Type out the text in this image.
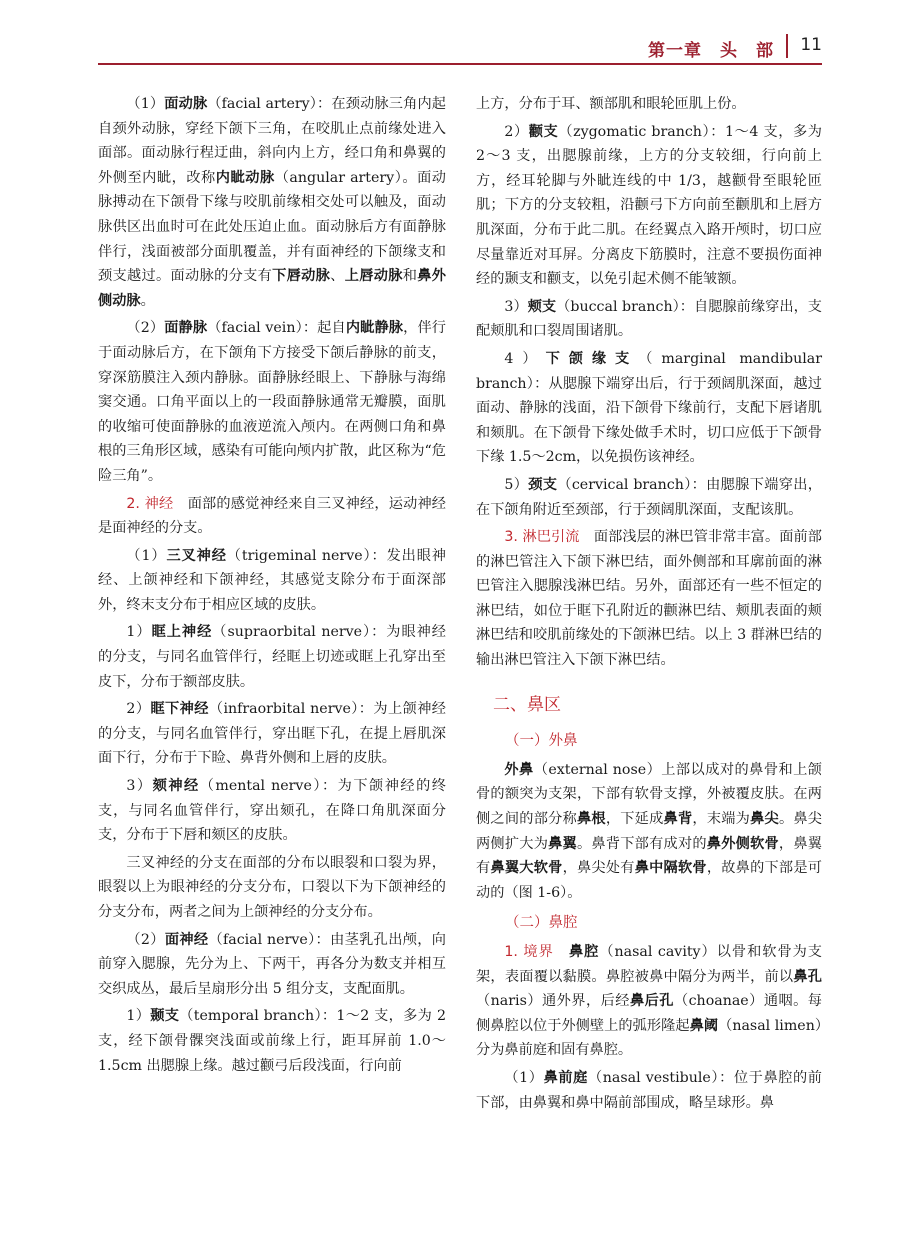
第一章　头　部 11

（1）面动脉（facial artery）：在颈动脉三角内起自颈外动脉，穿经下颌下三角，在咬肌止点前缘处进入面部。面动脉行程迂曲，斜向内上方，经口角和鼻翼的外侧至内眦，改称内眦动脉（angular artery）。面动脉搏动在下颌骨下缘与咬肌前缘相交处可以触及，面动脉供区出血时可在此处压迫止血。面动脉后方有面静脉伴行，浅面被部分面肌覆盖，并有面神经的下颌缘支和颈支越过。面动脉的分支有下唇动脉、上唇动脉和鼻外侧动脉。

（2）面静脉（facial vein）：起自内眦静脉，伴行于面动脉后方，在下颌角下方接受下颌后静脉的前支，穿深筋膜注入颈内静脉。面静脉经眼上、下静脉与海绵窦交通。口角平面以上的一段面静脉通常无瓣膜，面肌的收缩可使面静脉的血液逆流入颅内。在两侧口角和鼻根的三角形区域，感染有可能向颅内扩散，此区称为“危险三角”。

2. 神经　面部的感觉神经来自三叉神经，运动神经是面神经的分支。

（1）三叉神经（trigeminal nerve）：发出眼神经、上颌神经和下颌神经，其感觉支除分布于面深部外，终末支分布于相应区域的皮肤。

1）眶上神经（supraorbital nerve）：为眼神经的分支，与同名血管伴行，经眶上切迹或眶上孔穿出至皮下，分布于额部皮肤。

2）眶下神经（infraorbital nerve）：为上颌神经的分支，与同名血管伴行，穿出眶下孔，在提上唇肌深面下行，分布于下睑、鼻背外侧和上唇的皮肤。

3）颏神经（mental nerve）：为下颌神经的终支，与同名血管伴行，穿出颏孔，在降口角肌深面分支，分布于下唇和颏区的皮肤。

三叉神经的分支在面部的分布以眼裂和口裂为界，眼裂以上为眼神经的分支分布，口裂以下为下颌神经的分支分布，两者之间为上颌神经的分支分布。

（2）面神经（facial nerve）：由茎乳孔出颅，向前穿入腮腺，先分为上、下两干，再各分为数支并相互交织成丛，最后呈扇形分出 5 组分支，支配面肌。

1）颞支（temporal branch）：1～2 支，多为 2 支，经下颌骨髁突浅面或前缘上行，距耳屏前 1.0～1.5cm 出腮腺上缘。越过颧弓后段浅面，行向前

上方，分布于耳、额部肌和眼轮匝肌上份。

2）颧支（zygomatic branch）：1～4 支，多为 2～3 支，出腮腺前缘，上方的分支较细，行向前上方，经耳轮脚与外眦连线的中 1/3，越颧骨至眼轮匝肌；下方的分支较粗，沿颧弓下方向前至颧肌和上唇方肌深面，分布于此二肌。在经翼点入路开颅时，切口应尽量靠近对耳屏。分离皮下筋膜时，注意不要损伤面神经的颞支和颧支，以免引起术侧不能皱额。

3）颊支（buccal branch）：自腮腺前缘穿出，支配颊肌和口裂周围诸肌。

4）下颌缘支（marginal mandibular branch）：从腮腺下端穿出后，行于颈阔肌深面，越过面动、静脉的浅面，沿下颌骨下缘前行，支配下唇诸肌和颏肌。在下颌骨下缘处做手术时，切口应低于下颌骨下缘 1.5～2cm，以免损伤该神经。

5）颈支（cervical branch）：由腮腺下端穿出，在下颌角附近至颈部，行于颈阔肌深面，支配该肌。

3. 淋巴引流　面部浅层的淋巴管非常丰富。面前部的淋巴管注入下颌下淋巴结，面外侧部和耳廓前面的淋巴管注入腮腺浅淋巴结。另外，面部还有一些不恒定的淋巴结，如位于眶下孔附近的颧淋巴结、颊肌表面的颊淋巴结和咬肌前缘处的下颌淋巴结。以上 3 群淋巴结的输出淋巴管注入下颌下淋巴结。

二、鼻区
（一）外鼻

外鼻（external nose）上部以成对的鼻骨和上颌骨的额突为支架，下部有软骨支撑，外被覆皮肤。在两侧之间的部分称鼻根，下延成鼻背，末端为鼻尖。鼻尖两侧扩大为鼻翼。鼻背下部有成对的鼻外侧软骨，鼻翼有鼻翼大软骨，鼻尖处有鼻中隔软骨，故鼻的下部是可动的（图 1-6）。

（二）鼻腔

1. 境界　 鼻腔（nasal cavity）以骨和软骨为支架，表面覆以黏膜。鼻腔被鼻中隔分为两半，前以鼻孔（naris）通外界，后经鼻后孔（choanae）通咽。每侧鼻腔以位于外侧壁上的弧形隆起鼻阈（nasal limen）分为鼻前庭和固有鼻腔。

（1）鼻前庭（nasal vestibule）：位于鼻腔的前下部，由鼻翼和鼻中隔前部围成，略呈球形。鼻
